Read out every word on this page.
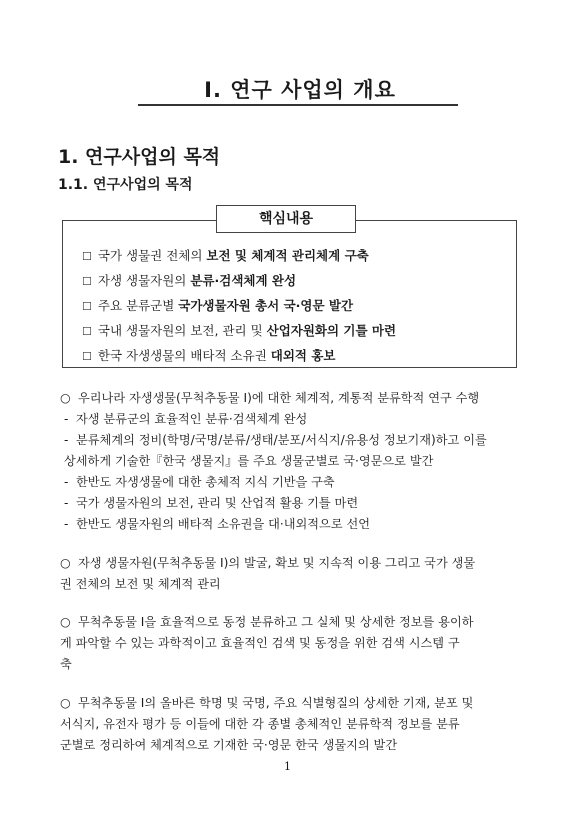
I. 연구 사업의 개요
1. 연구사업의 목적
1.1. 연구사업의 목적
핵심내용
☐ 국가 생물권 전체의 보전 및 체계적 관리체계 구축
☐ 자생 생물자원의 분류·검색체계 완성
☐ 주요 분류군별 국가생물자원 총서 국·영문 발간
☐ 국내 생물자원의 보전, 관리 및 산업자원화의 기틀 마련
☐ 한국 자생생물의 배타적 소유권 대외적 홍보
○ 우리나라 자생생물(무척추동물 I)에 대한 체계적, 계통적 분류학적 연구 수행
- 자생 분류군의 효율적인 분류·검색체계 완성
- 분류체계의 정비(학명/국명/분류/생태/분포/서식지/유용성 정보기재)하고 이를
상세하게 기술한『한국 생물지』를 주요 생물군별로 국·영문으로 발간
- 한반도 자생생물에 대한 총체적 지식 기반을 구축
- 국가 생물자원의 보전, 관리 및 산업적 활용 기틀 마련
- 한반도 생물자원의 배타적 소유권을 대·내외적으로 선언
○ 자생 생물자원(무척추동물 I)의 발굴, 확보 및 지속적 이용 그리고 국가 생물
권 전체의 보전 및 체계적 관리
○ 무척추동물 I을 효율적으로 동정 분류하고 그 실체 및 상세한 정보를 용이하
게 파악할 수 있는 과학적이고 효율적인 검색 및 동정을 위한 검색 시스템 구
축
○ 무척추동물 I의 올바른 학명 및 국명, 주요 식별형질의 상세한 기재, 분포 및
서식지, 유전자 평가 등 이들에 대한 각 종별 총체적인 분류학적 정보를 분류
군별로 정리하여 체계적으로 기재한 국·영문 한국 생물지의 발간
1
